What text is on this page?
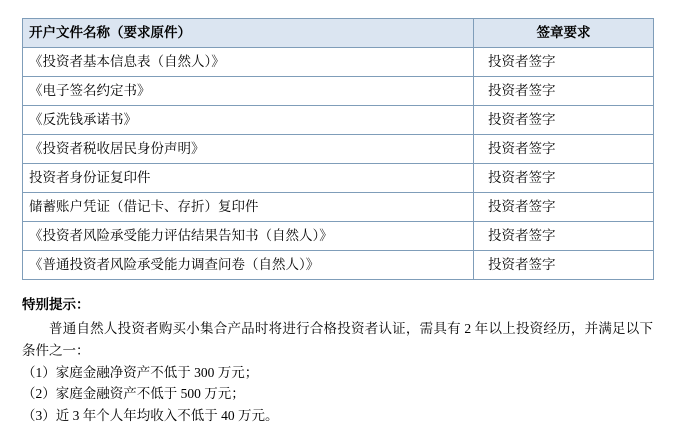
开户文件名称（要求原件）	签章要求
《投资者基本信息表（自然人）》	投资者签字
《电子签名约定书》	投资者签字
《反洗钱承诺书》	投资者签字
《投资者税收居民身份声明》	投资者签字
投资者身份证复印件	投资者签字
储蓄账户凭证（借记卡、存折）复印件	投资者签字
《投资者风险承受能力评估结果告知书（自然人）》	投资者签字
《普通投资者风险承受能力调查问卷（自然人）》	投资者签字
特别提示：
普通自然人投资者购买小集合产品时将进行合格投资者认证，需具有 2 年以上投资经历，并满足以下条件之一：
（1）家庭金融净资产不低于 300 万元；
（2）家庭金融资产不低于 500 万元；
（3）近 3 年个人年均收入不低于 40 万元。
